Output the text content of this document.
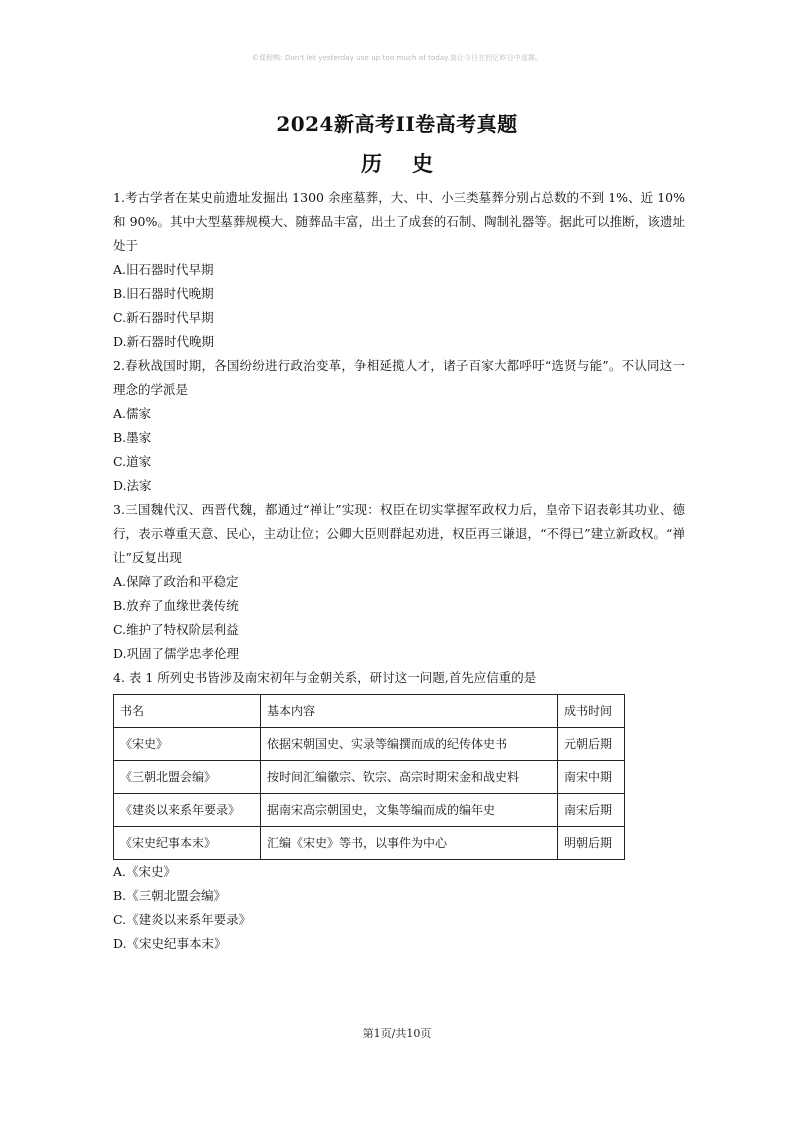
©课程鸭: Don't let yesterday use up too much of today.莫让今日在回忆昨日中虚掷。
2024新高考II卷高考真题
历史
1.考古学者在某史前遗址发掘出 1300 余座墓葬，大、中、小三类墓葬分别占总数的不到 1%、近 10%和 90%。其中大型墓葬规模大、随葬品丰富，出土了成套的石制、陶制礼器等。据此可以推断，该遗址处于
A.旧石器时代早期
B.旧石器时代晚期
C.新石器时代早期
D.新石器时代晚期
2.春秋战国时期，各国纷纷进行政治变革，争相延揽人才，诸子百家大都呼吁“选贤与能”。不认同这一理念的学派是
A.儒家
B.墨家
C.道家
D.法家
3.三国魏代汉、西晋代魏，都通过“禅让”实现：权臣在切实掌握军政权力后，皇帝下诏表彰其功业、德行，表示尊重天意、民心，主动让位；公卿大臣则群起劝进，权臣再三谦退，“不得已”建立新政权。“禅让”反复出现
A.保障了政治和平稳定
B.放弃了血缘世袭传统
C.维护了特权阶层利益
D.巩固了儒学忠孝伦理
4. 表 1 所列史书皆涉及南宋初年与金朝关系，研讨这一问题,首先应信重的是
书名	基本内容	成书时间
《宋史》	依据宋朝国史、实录等编撰而成的纪传体史书	元朝后期
《三朝北盟会编》	按时间汇编徽宗、钦宗、高宗时期宋金和战史料	南宋中期
《建炎以来系年要录》	据南宋高宗朝国史，文集等编而成的编年史	南宋后期
《宋史纪事本末》	汇编《宋史》等书，以事件为中心	明朝后期
A.《宋史》
B.《三朝北盟会编》
C.《建炎以来系年要录》
D.《宋史纪事本末》
第1页/共10页
